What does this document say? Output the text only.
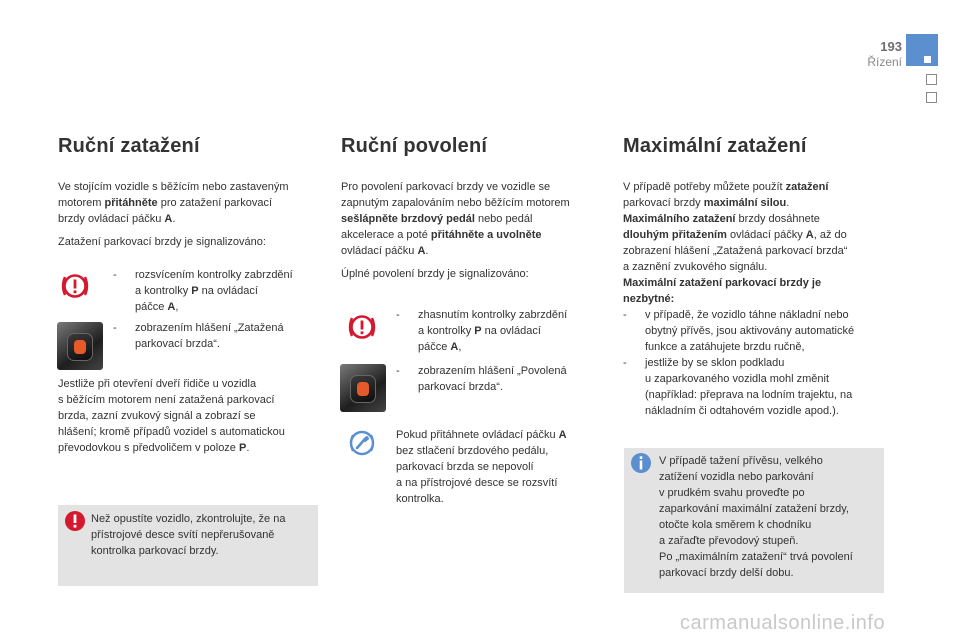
193
Řízení
Ruční zatažení
Ve stojícím vozidle s běžícím nebo zastaveným
motorem přitáhněte pro zatažení parkovací
brzdy ovládací páčku A.
Zatažení parkovací brzdy je signalizováno:
- rozsvícením kontrolky zabrzdění
a kontrolky P na ovládací
páčce A,
- zobrazením hlášení „Zatažená
parkovací brzda“.
Jestliže při otevření dveří řidiče u vozidla
s běžícím motorem není zatažená parkovací
brzda, zazní zvukový signál a zobrazí se
hlášení; kromě případů vozidel s automatickou
převodovkou s předvoličem v poloze P.
Než opustíte vozidlo, zkontrolujte, že na
přístrojové desce svítí nepřerušovaně
kontrolka parkovací brzdy.
Ruční povolení
Pro povolení parkovací brzdy ve vozidle se
zapnutým zapalováním nebo běžícím motorem
sešlápněte brzdový pedál nebo pedál
akcelerace a poté přitáhněte a uvolněte
ovládací páčku A.
Úplné povolení brzdy je signalizováno:
- zhasnutím kontrolky zabrzdění
a kontrolky P na ovládací
páčce A,
- zobrazením hlášení „Povolená
parkovací brzda“.
Pokud přitáhnete ovládací páčku A
bez stlačení brzdového pedálu,
parkovací brzda se nepovolí
a na přístrojové desce se rozsvítí
kontrolka.
Maximální zatažení
V případě potřeby můžete použít zatažení
parkovací brzdy maximální silou.
Maximálního zatažení brzdy dosáhnete
dlouhým přitažením ovládací páčky A, až do
zobrazení hlášení „Zatažená parkovací brzda“
a zaznění zvukového signálu.
Maximální zatažení parkovací brzdy je
nezbytné:
- v případě, že vozidlo táhne nákladní nebo
obytný přívěs, jsou aktivovány automatické
funkce a zatáhujete brzdu ručně,
- jestliže by se sklon podkladu
u zaparkovaného vozidla mohl změnit
(například: přeprava na lodním trajektu, na
nákladním či odtahovém vozidle apod.).
V případě tažení přívěsu, velkého
zatížení vozidla nebo parkování
v prudkém svahu proveďte po
zaparkování maximální zatažení brzdy,
otočte kola směrem k chodníku
a zařaďte převodový stupeň.
Po „maximálním zatažení“ trvá povolení
parkovací brzdy delší dobu.
carmanualsonline.info
